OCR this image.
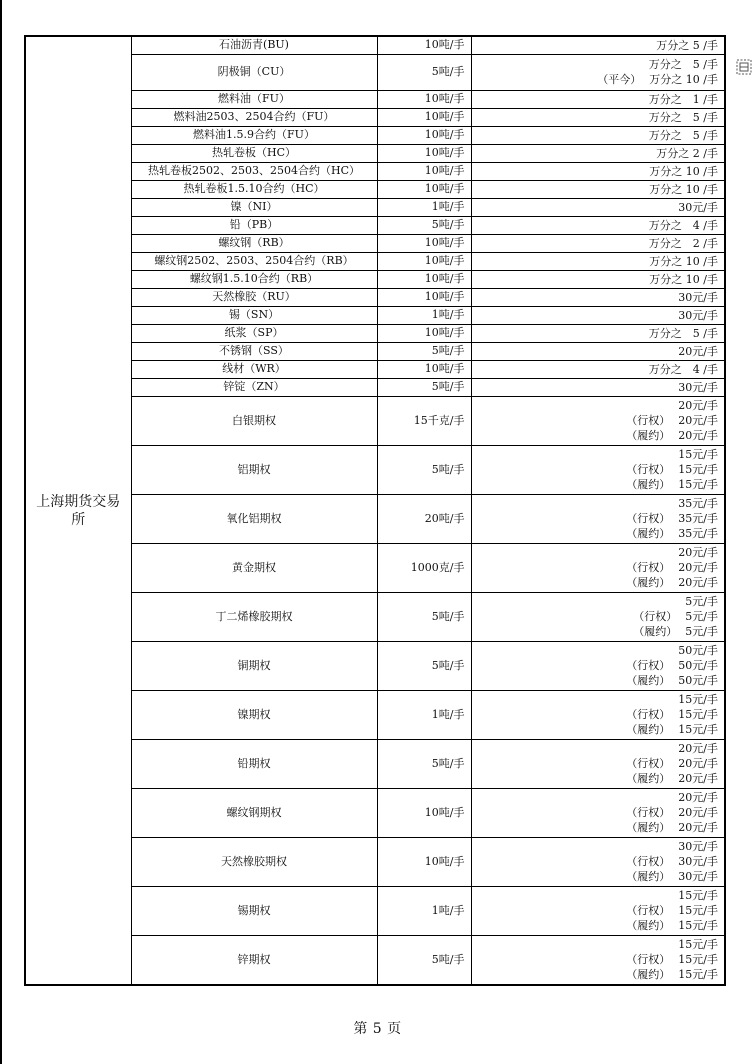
上海期货交易所	石油沥青(BU)	10吨/手	万分之 5 /手

	阴极铜（CU）	5吨/手	万分之　5 /手
（平今） 万分之 10 /手

	燃料油（FU）	10吨/手	万分之　1 /手

	燃料油2503、2504合约（FU）	10吨/手	万分之　5 /手

	燃料油1.5.9合约（FU）	10吨/手	万分之　5 /手

	热轧卷板（HC）	10吨/手	万分之 2 /手

	热轧卷板2502、2503、2504合约（HC）	10吨/手	万分之 10 /手

	热轧卷板1.5.10合约（HC）	10吨/手	万分之 10 /手

	镍（NI）	1吨/手	30元/手

	铅（PB）	5吨/手	万分之　4 /手

	螺纹钢（RB）	10吨/手	万分之　2 /手

	螺纹钢2502、2503、2504合约（RB）	10吨/手	万分之 10 /手

	螺纹钢1.5.10合约（RB）	10吨/手	万分之 10 /手

	天然橡胶（RU）	10吨/手	30元/手

	锡（SN）	1吨/手	30元/手

	纸浆（SP）	10吨/手	万分之　5 /手

	不锈钢（SS）	5吨/手	20元/手

	线材（WR）	10吨/手	万分之　4 /手

	锌锭（ZN）	5吨/手	30元/手

	白银期权	15千克/手	20元/手
（行权） 20元/手
（履约） 20元/手

	铝期权	5吨/手	15元/手
（行权） 15元/手
（履约） 15元/手

	氧化铝期权	20吨/手	35元/手
（行权） 35元/手
（履约） 35元/手

	黄金期权	1000克/手	20元/手
（行权） 20元/手
（履约） 20元/手

	丁二烯橡胶期权	5吨/手	5元/手
（行权） 5元/手
（履约） 5元/手

	铜期权	5吨/手	50元/手
（行权） 50元/手
（履约） 50元/手

	镍期权	1吨/手	15元/手
（行权） 15元/手
（履约） 15元/手

	铅期权	5吨/手	20元/手
（行权） 20元/手
（履约） 20元/手

	螺纹钢期权	10吨/手	20元/手
（行权） 20元/手
（履约） 20元/手

	天然橡胶期权	10吨/手	30元/手
（行权） 30元/手
（履约） 30元/手

	锡期权	1吨/手	15元/手
（行权） 15元/手
（履约） 15元/手

	锌期权	5吨/手	15元/手
（行权） 15元/手
（履约） 15元/手
第 5 页
